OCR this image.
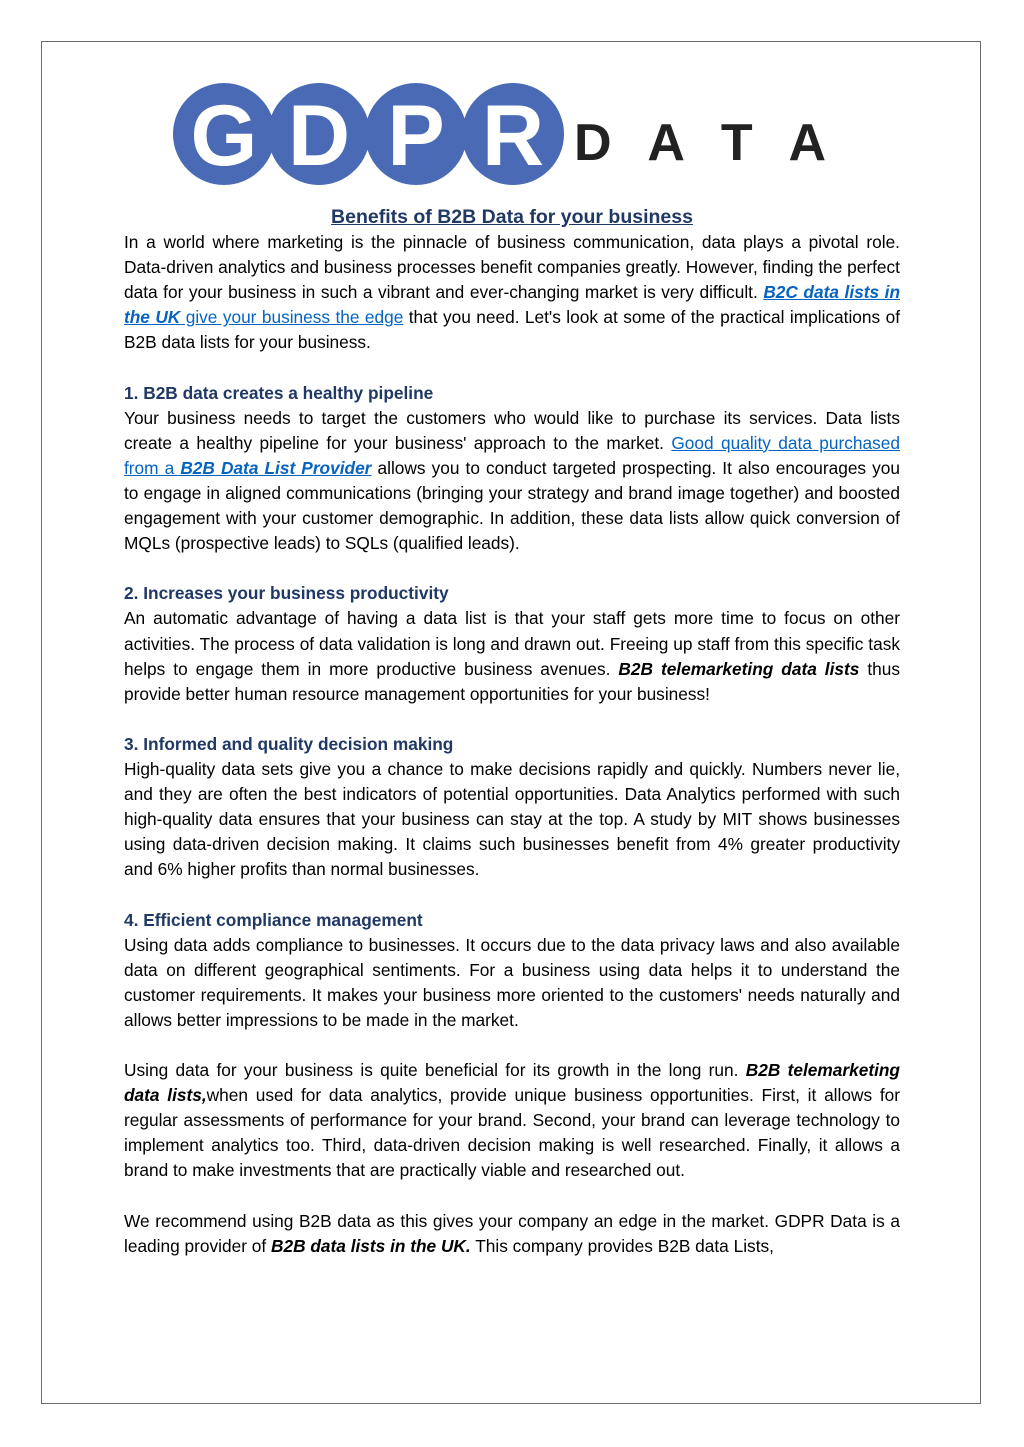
G D P R D A T A

Benefits of B2B Data for your business

In a world where marketing is the pinnacle of business communication, data plays a pivotal role. Data-driven analytics and business processes benefit companies greatly. However, finding the perfect data for your business in such a vibrant and ever-changing market is very difficult. B2C data lists in the UK give your business the edge that you need. Let's look at some of the practical implications of B2B data lists for your business.

1. B2B data creates a healthy pipeline

Your business needs to target the customers who would like to purchase its services. Data lists create a healthy pipeline for your business' approach to the market. Good quality data purchased from a B2B Data List Provider allows you to conduct targeted prospecting. It also encourages you to engage in aligned communications (bringing your strategy and brand image together) and boosted engagement with your customer demographic. In addition, these data lists allow quick conversion of MQLs (prospective leads) to SQLs (qualified leads).

2. Increases your business productivity

An automatic advantage of having a data list is that your staff gets more time to focus on other activities. The process of data validation is long and drawn out. Freeing up staff from this specific task helps to engage them in more productive business avenues. B2B telemarketing data lists thus provide better human resource management opportunities for your business!

3. Informed and quality decision making

High-quality data sets give you a chance to make decisions rapidly and quickly. Numbers never lie, and they are often the best indicators of potential opportunities. Data Analytics performed with such high-quality data ensures that your business can stay at the top. A study by MIT shows businesses using data-driven decision making. It claims such businesses benefit from 4% greater productivity and 6% higher profits than normal businesses.

4. Efficient compliance management

Using data adds compliance to businesses. It occurs due to the data privacy laws and also available data on different geographical sentiments. For a business using data helps it to understand the customer requirements. It makes your business more oriented to the customers' needs naturally and allows better impressions to be made in the market.

Using data for your business is quite beneficial for its growth in the long run. B2B telemarketing data lists,when used for data analytics, provide unique business opportunities. First, it allows for regular assessments of performance for your brand. Second, your brand can leverage technology to implement analytics too. Third, data-driven decision making is well researched. Finally, it allows a brand to make investments that are practically viable and researched out.

We recommend using B2B data as this gives your company an edge in the market. GDPR Data is a leading provider of B2B data lists in the UK. This company provides B2B data Lists,
